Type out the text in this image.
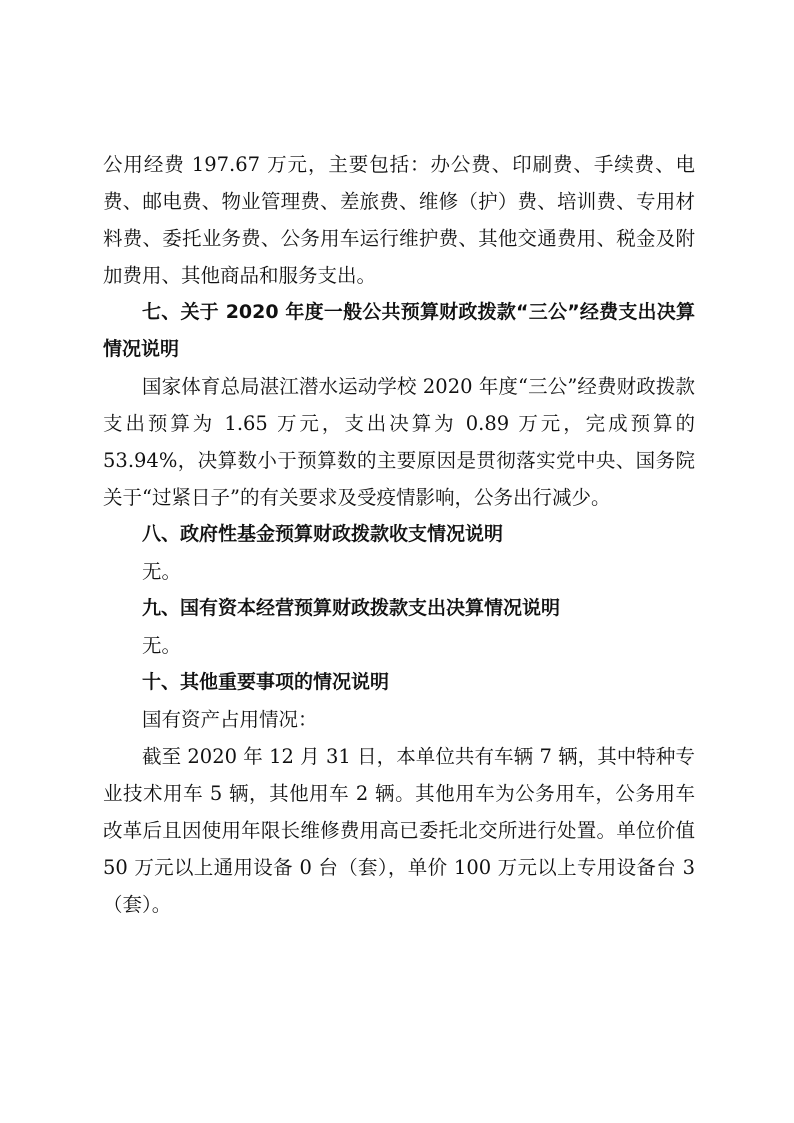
公用经费 197.67 万元，主要包括：办公费、印刷费、手续费、电费、邮电费、物业管理费、差旅费、维修（护）费、培训费、专用材料费、委托业务费、公务用车运行维护费、其他交通费用、税金及附加费用、其他商品和服务支出。

七、关于 2020 年度一般公共预算财政拨款“三公”经费支出决算情况说明

国家体育总局湛江潜水运动学校 2020 年度“三公”经费财政拨款支出预算为 1.65 万元，支出决算为 0.89 万元，完成预算的 53.94%，决算数小于预算数的主要原因是贯彻落实党中央、国务院关于“过紧日子”的有关要求及受疫情影响，公务出行减少。

八、政府性基金预算财政拨款收支情况说明

无。

九、国有资本经营预算财政拨款支出决算情况说明

无。

十、其他重要事项的情况说明

国有资产占用情况：

截至 2020 年 12 月 31 日，本单位共有车辆 7 辆，其中特种专业技术用车 5 辆，其他用车 2 辆。其他用车为公务用车，公务用车改革后且因使用年限长维修费用高已委托北交所进行处置。单位价值 50 万元以上通用设备 0 台（套），单价 100 万元以上专用设备台 3（套）。
